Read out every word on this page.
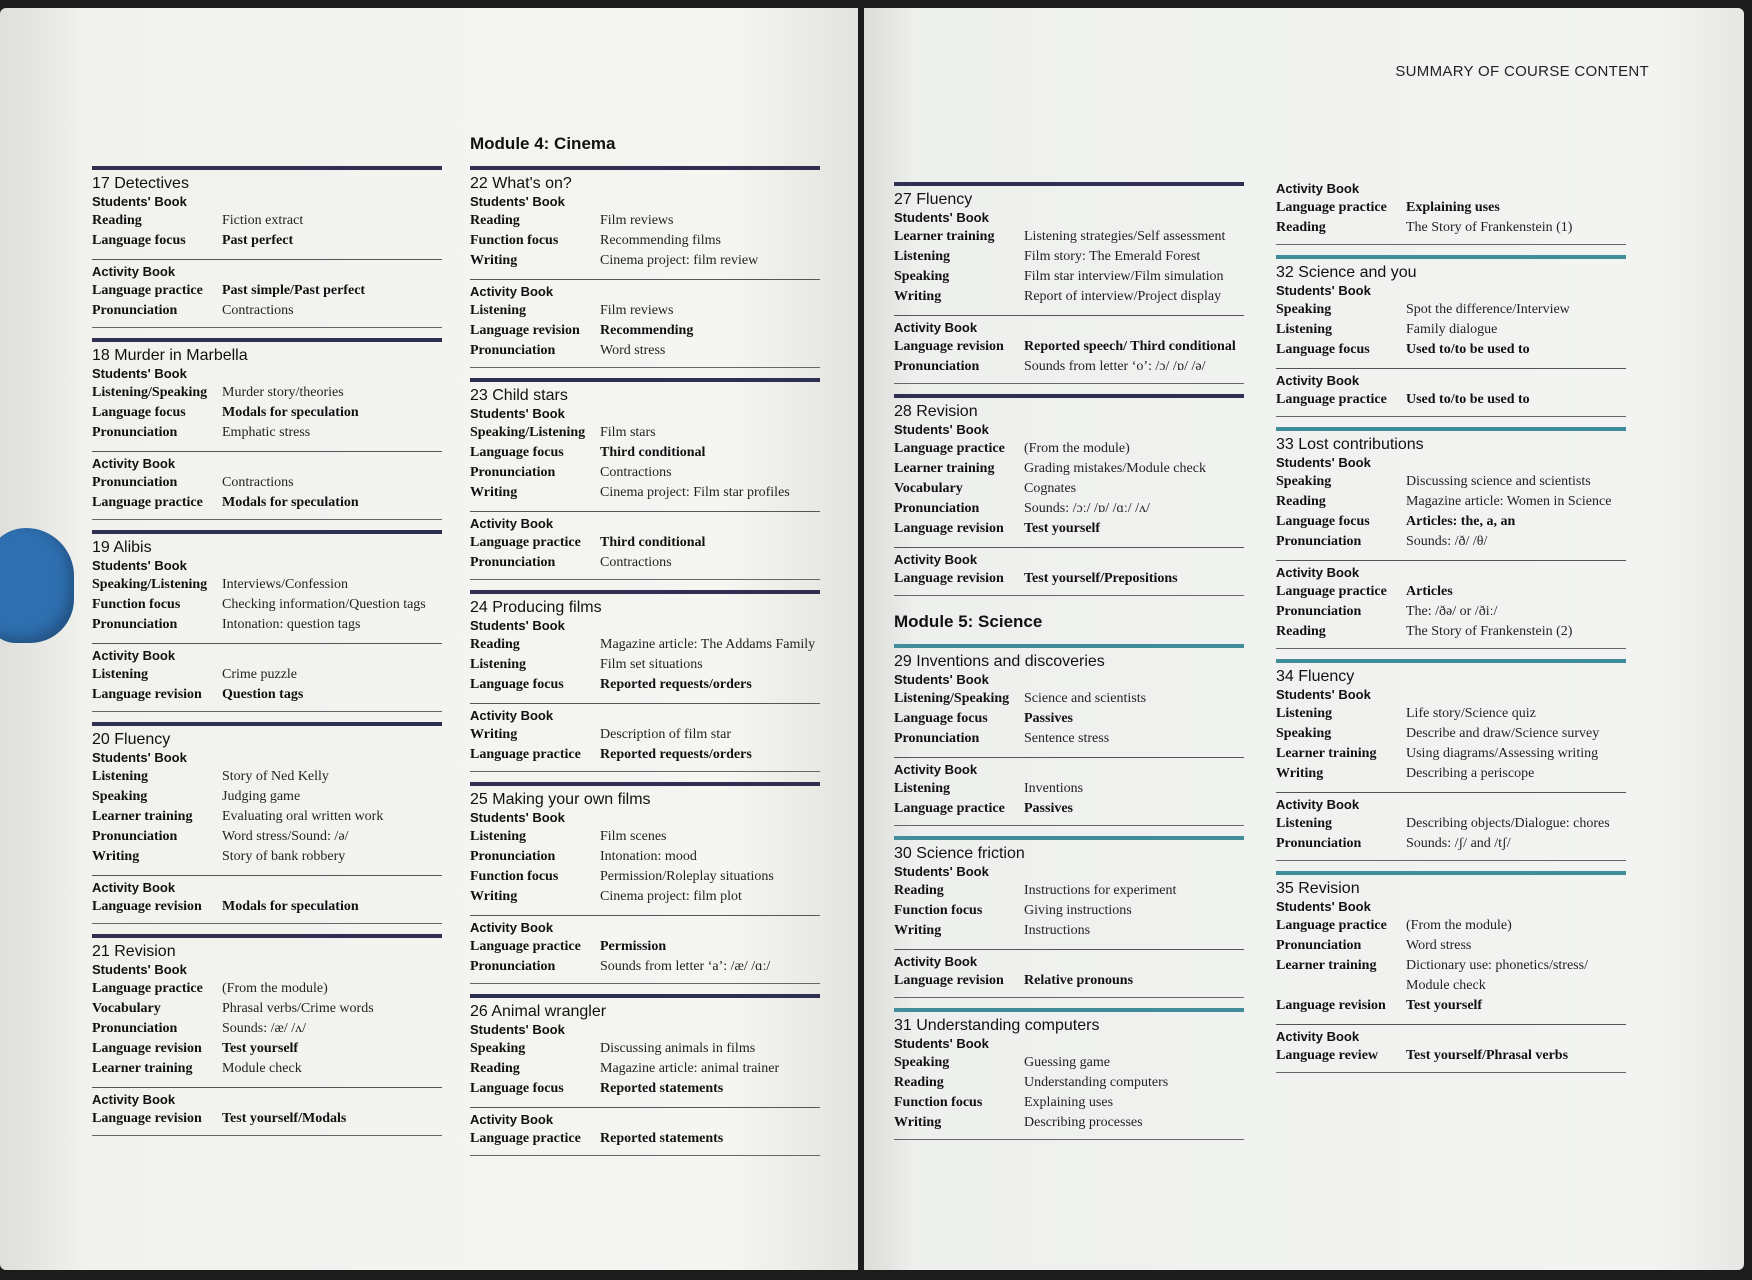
17 Detectives
Students' Book
Reading	Fiction extract
Language focus	Past perfect
Activity Book
Language practice	Past simple/Past perfect
Pronunciation	Contractions
18 Murder in Marbella
Students' Book
Listening/Speaking	Murder story/theories
Language focus	Modals for speculation
Pronunciation	Emphatic stress
Activity Book
Pronunciation	Contractions
Language practice	Modals for speculation
19 Alibis
Students' Book
Speaking/Listening	Interviews/Confession
Function focus	Checking information/Question tags
Pronunciation	Intonation: question tags
Activity Book
Listening	Crime puzzle
Language revision	Question tags
20 Fluency
Students' Book
Listening	Story of Ned Kelly
Speaking	Judging game
Learner training	Evaluating oral written work
Pronunciation	Word stress/Sound: /ə/
Writing	Story of bank robbery
Activity Book
Language revision	Modals for speculation
21 Revision
Students' Book
Language practice	(From the module)
Vocabulary	Phrasal verbs/Crime words
Pronunciation	Sounds: /æ/ /ʌ/
Language revision	Test yourself
Learner training	Module check
Activity Book
Language revision	Test yourself/Modals
Module 4: Cinema
22 What's on?
Students' Book
Reading	Film reviews
Function focus	Recommending films
Writing	Cinema project: film review
Activity Book
Listening	Film reviews
Language revision	Recommending
Pronunciation	Word stress
23 Child stars
Students' Book
Speaking/Listening	Film stars
Language focus	Third conditional
Pronunciation	Contractions
Writing	Cinema project: Film star profiles
Activity Book
Language practice	Third conditional
Pronunciation	Contractions
24 Producing films
Students' Book
Reading	Magazine article: The Addams Family
Listening	Film set situations
Language focus	Reported requests/orders
Activity Book
Writing	Description of film star
Language practice	Reported requests/orders
25 Making your own films
Students' Book
Listening	Film scenes
Pronunciation	Intonation: mood
Function focus	Permission/Roleplay situations
Writing	Cinema project: film plot
Activity Book
Language practice	Permission
Pronunciation	Sounds from letter ‘a’: /æ/ /ɑː/
26 Animal wrangler
Students' Book
Speaking	Discussing animals in films
Reading	Magazine article: animal trainer
Language focus	Reported statements
Activity Book
Language practice	Reported statements
SUMMARY OF COURSE CONTENT
27 Fluency
Students' Book
Learner training	Listening strategies/Self assessment
Listening	Film story: The Emerald Forest
Speaking	Film star interview/Film simulation
Writing	Report of interview/Project display
Activity Book
Language revision	Reported speech/ Third conditional
Pronunciation	Sounds from letter ‘o’: /ɔ/ /ɒ/ /ə/
28 Revision
Students' Book
Language practice	(From the module)
Learner training	Grading mistakes/Module check
Vocabulary	Cognates
Pronunciation	Sounds: /ɔː/ /ɒ/ /ɑː/ /ʌ/
Language revision	Test yourself
Activity Book
Language revision	Test yourself/Prepositions
Module 5: Science
29 Inventions and discoveries
Students' Book
Listening/Speaking	Science and scientists
Language focus	Passives
Pronunciation	Sentence stress
Activity Book
Listening	Inventions
Language practice	Passives
30 Science friction
Students' Book
Reading	Instructions for experiment
Function focus	Giving instructions
Writing	Instructions
Activity Book
Language revision	Relative pronouns
31 Understanding computers
Students' Book
Speaking	Guessing game
Reading	Understanding computers
Function focus	Explaining uses
Writing	Describing processes
Activity Book
Language practice	Explaining uses
Reading	The Story of Frankenstein (1)
32 Science and you
Students' Book
Speaking	Spot the difference/Interview
Listening	Family dialogue
Language focus	Used to/to be used to
Activity Book
Language practice	Used to/to be used to
33 Lost contributions
Students' Book
Speaking	Discussing science and scientists
Reading	Magazine article: Women in Science
Language focus	Articles: the, a, an
Pronunciation	Sounds: /ð/ /θ/
Activity Book
Language practice	Articles
Pronunciation	The: /ðə/ or /ðiː/
Reading	The Story of Frankenstein (2)
34 Fluency
Students' Book
Listening	Life story/Science quiz
Speaking	Describe and draw/Science survey
Learner training	Using diagrams/Assessing writing
Writing	Describing a periscope
Activity Book
Listening	Describing objects/Dialogue: chores
Pronunciation	Sounds: /ʃ/ and /tʃ/
35 Revision
Students' Book
Language practice	(From the module)
Pronunciation	Word stress
Learner training	Dictionary use: phonetics/stress/ Module check
Language revision	Test yourself
Activity Book
Language review	Test yourself/Phrasal verbs
